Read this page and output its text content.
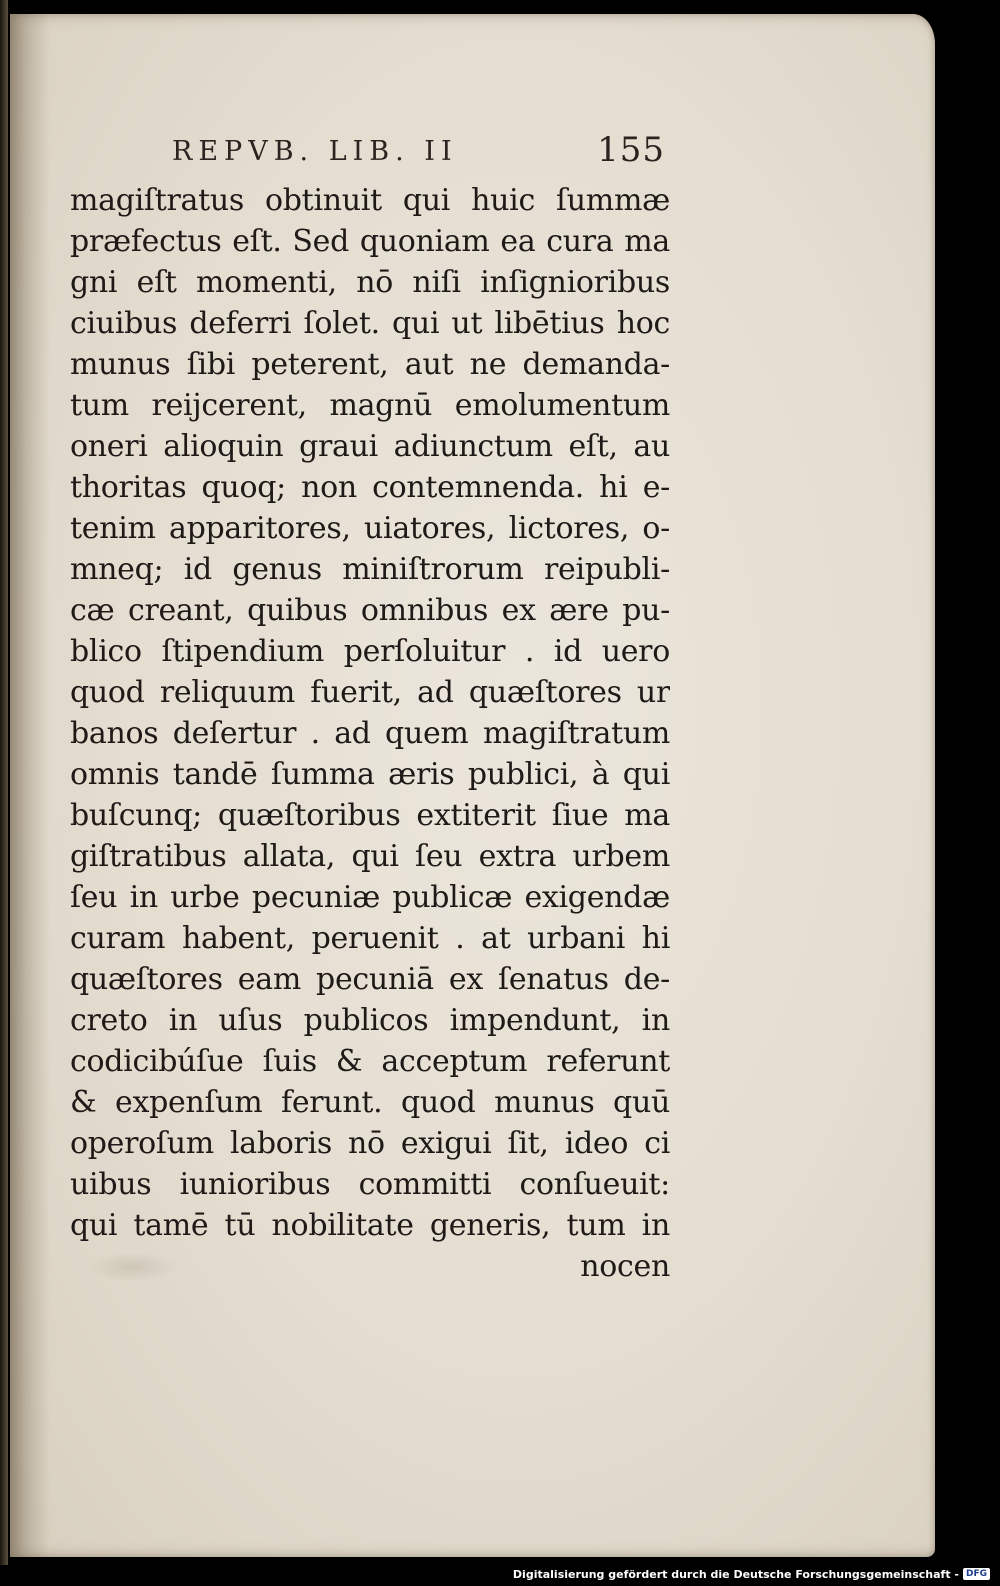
REPVB. LIB. II	155
magiſtratus obtinuit qui huic ſummæ
præfectus eſt. Sed quoniam ea cura ma
gni eſt momenti, nō niſi inſignioribus
ciuibus deferri ſolet. qui ut libētius hoc
munus ſibi peterent, aut ne demanda-
tum reijcerent, magnū emolumentum
oneri alioquin graui adiunctum eſt, au
thoritas quoq; non contemnenda. hi e-
tenim apparitores, uiatores, lictores, o-
mneq; id genus miniſtrorum reipubli-
cæ creant, quibus omnibus ex ære pu-
blico ſtipendium perſoluitur . id uero
quod reliquum fuerit, ad quæſtores ur
banos deſertur . ad quem magiſtratum
omnis tandē ſumma æris publici, à qui
buſcunq; quæſtoribus extiterit ſiue ma
giſtratibus allata, qui ſeu extra urbem
ſeu in urbe pecuniæ publicæ exigendæ
curam habent, peruenit . at urbani hi
quæſtores eam pecuniā ex ſenatus de-
creto in uſus publicos impendunt, in
codicibúſue ſuis & acceptum referunt
& expenſum ferunt. quod munus quū
operoſum laboris nō exigui ſit, ideo ci
uibus iunioribus committi conſueuit:
qui tamē tū nobilitate generis, tum in
nocen
Digitalisierung gefördert durch die Deutsche Forschungsgemeinschaft - DFG
